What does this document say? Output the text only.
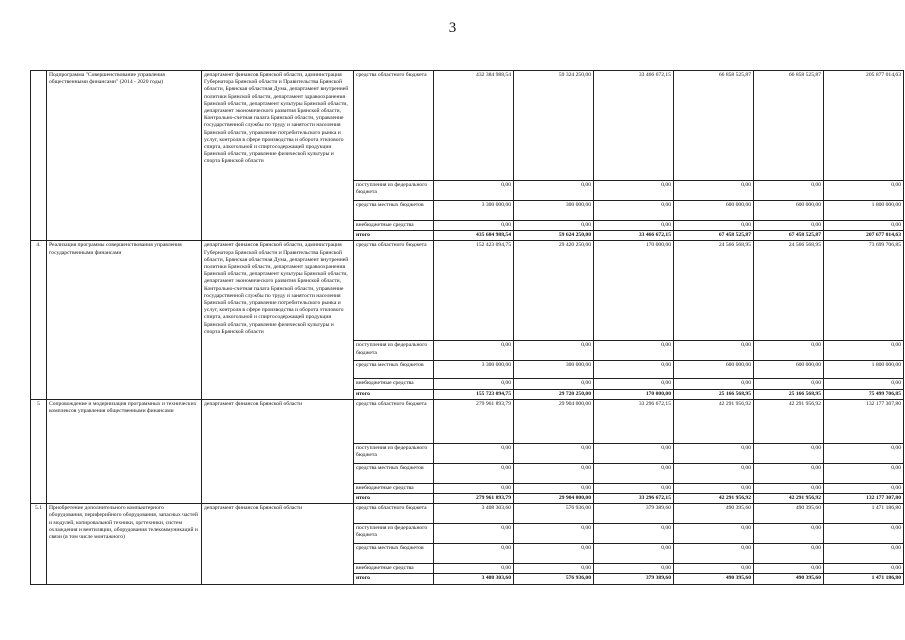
3
	Подпрограмма "Совершенствование управления общественными финансами" (2014 - 2020 годы)	департамент финансов Брянской области, администрация Губернатора Брянской области и Правительства Брянской области, Брянская областная Дума, департамент внутренней политики Брянской области, департамент здравоохранения Брянской области, департамент культуры Брянской области, департамент экономического развития Брянской области, Контрольно-счетная палата Брянской области, управление государственной службы по труду и занятости населения Брянской области, управление потребительского рынка и услуг, контроля в сфере производства и оборота этилового спирта, алкогольной и спиртосодержащей продукции Брянской области, управление физической культуры и спорта Брянской области	средства областного бюджета	432 384 988,54	59 324 250,00	33 466 672,15	66 858 525,87	66 858 525,87	205 877 014,63
			поступления из федерального бюджета	0,00	0,00	0,00	0,00	0,00	0,00
			средства местных бюджетов	3 300 000,00	300 000,00	0,00	600 000,00	600 000,00	1 800 000,00
			внебюджетные средства	0,00	0,00	0,00	0,00	0,00	0,00
			итого	435 684 988,54	59 624 250,00	33 466 672,15	67 458 525,87	67 458 525,87	207 677 014,63
4.	Реализация программы совершенствования управления государственными финансами	департамент финансов Брянской области, администрация Губернатора Брянской области и Правительства Брянской области, Брянская областная Дума, департамент внутренней политики Брянской области, департамент здравоохранения Брянской области, департамент культуры Брянской области, департамент экономического развития Брянской области, Контрольно-счетная палата Брянской области, управление государственной службы по труду и занятости населения Брянской области, управление потребительского рынка и услуг, контроля в сфере производства и оборота этилового спирта, алкогольной и спиртосодержащей продукции Брянской области, управление физической культуры и спорта Брянской области	средства областного бюджета	152 423 094,75	29 420 250,00	170 000,00	24 566 568,95	24 566 568,95	73 699 706,85
			поступления из федерального бюджета	0,00	0,00	0,00	0,00	0,00	0,00
			средства местных бюджетов	3 300 000,00	300 000,00	0,00	600 000,00	600 000,00	1 800 000,00
			внебюджетные средства	0,00	0,00	0,00	0,00	0,00	0,00
			итого	155 723 094,75	29 720 250,00	170 000,00	25 166 568,95	25 166 568,95	75 499 706,85
5	Сопровождение и модернизация программных и технических комплексов управления общественными финансами	департамент финансов Брянской области	средства областного бюджета	279 961 893,79	29 904 000,00	33 296 672,15	42 291 956,92	42 291 956,92	132 177 307,80
			поступления из федерального бюджета	0,00	0,00	0,00	0,00	0,00	0,00
			средства местных бюджетов	0,00	0,00	0,00	0,00	0,00	0,00
			внебюджетные средства	0,00	0,00	0,00	0,00	0,00	0,00
			итого	279 961 893,79	29 904 000,00	33 296 672,15	42 291 956,92	42 291 956,92	132 177 307,80
5.1	Приобретение дополнительного компьютерного оборудования, периферийного оборудования, запасных частей и модулей, копировальной техники, оргтехники, систем охлаждения и вентиляции, оборудования телекоммуникаций и связи (в том числе монтажного)	департамент финансов Брянской области	средства областного бюджета	3 408 303,60	576 936,00	379 389,60	490 395,60	490 395,60	1 471 186,80
			поступления из федерального бюджета	0,00	0,00	0,00	0,00	0,00	0,00
			средства местных бюджетов	0,00	0,00	0,00	0,00	0,00	0,00
			внебюджетные средства	0,00	0,00	0,00	0,00	0,00	0,00
			итого	3 408 303,60	576 936,00	379 389,60	490 395,60	490 395,60	1 471 186,80
